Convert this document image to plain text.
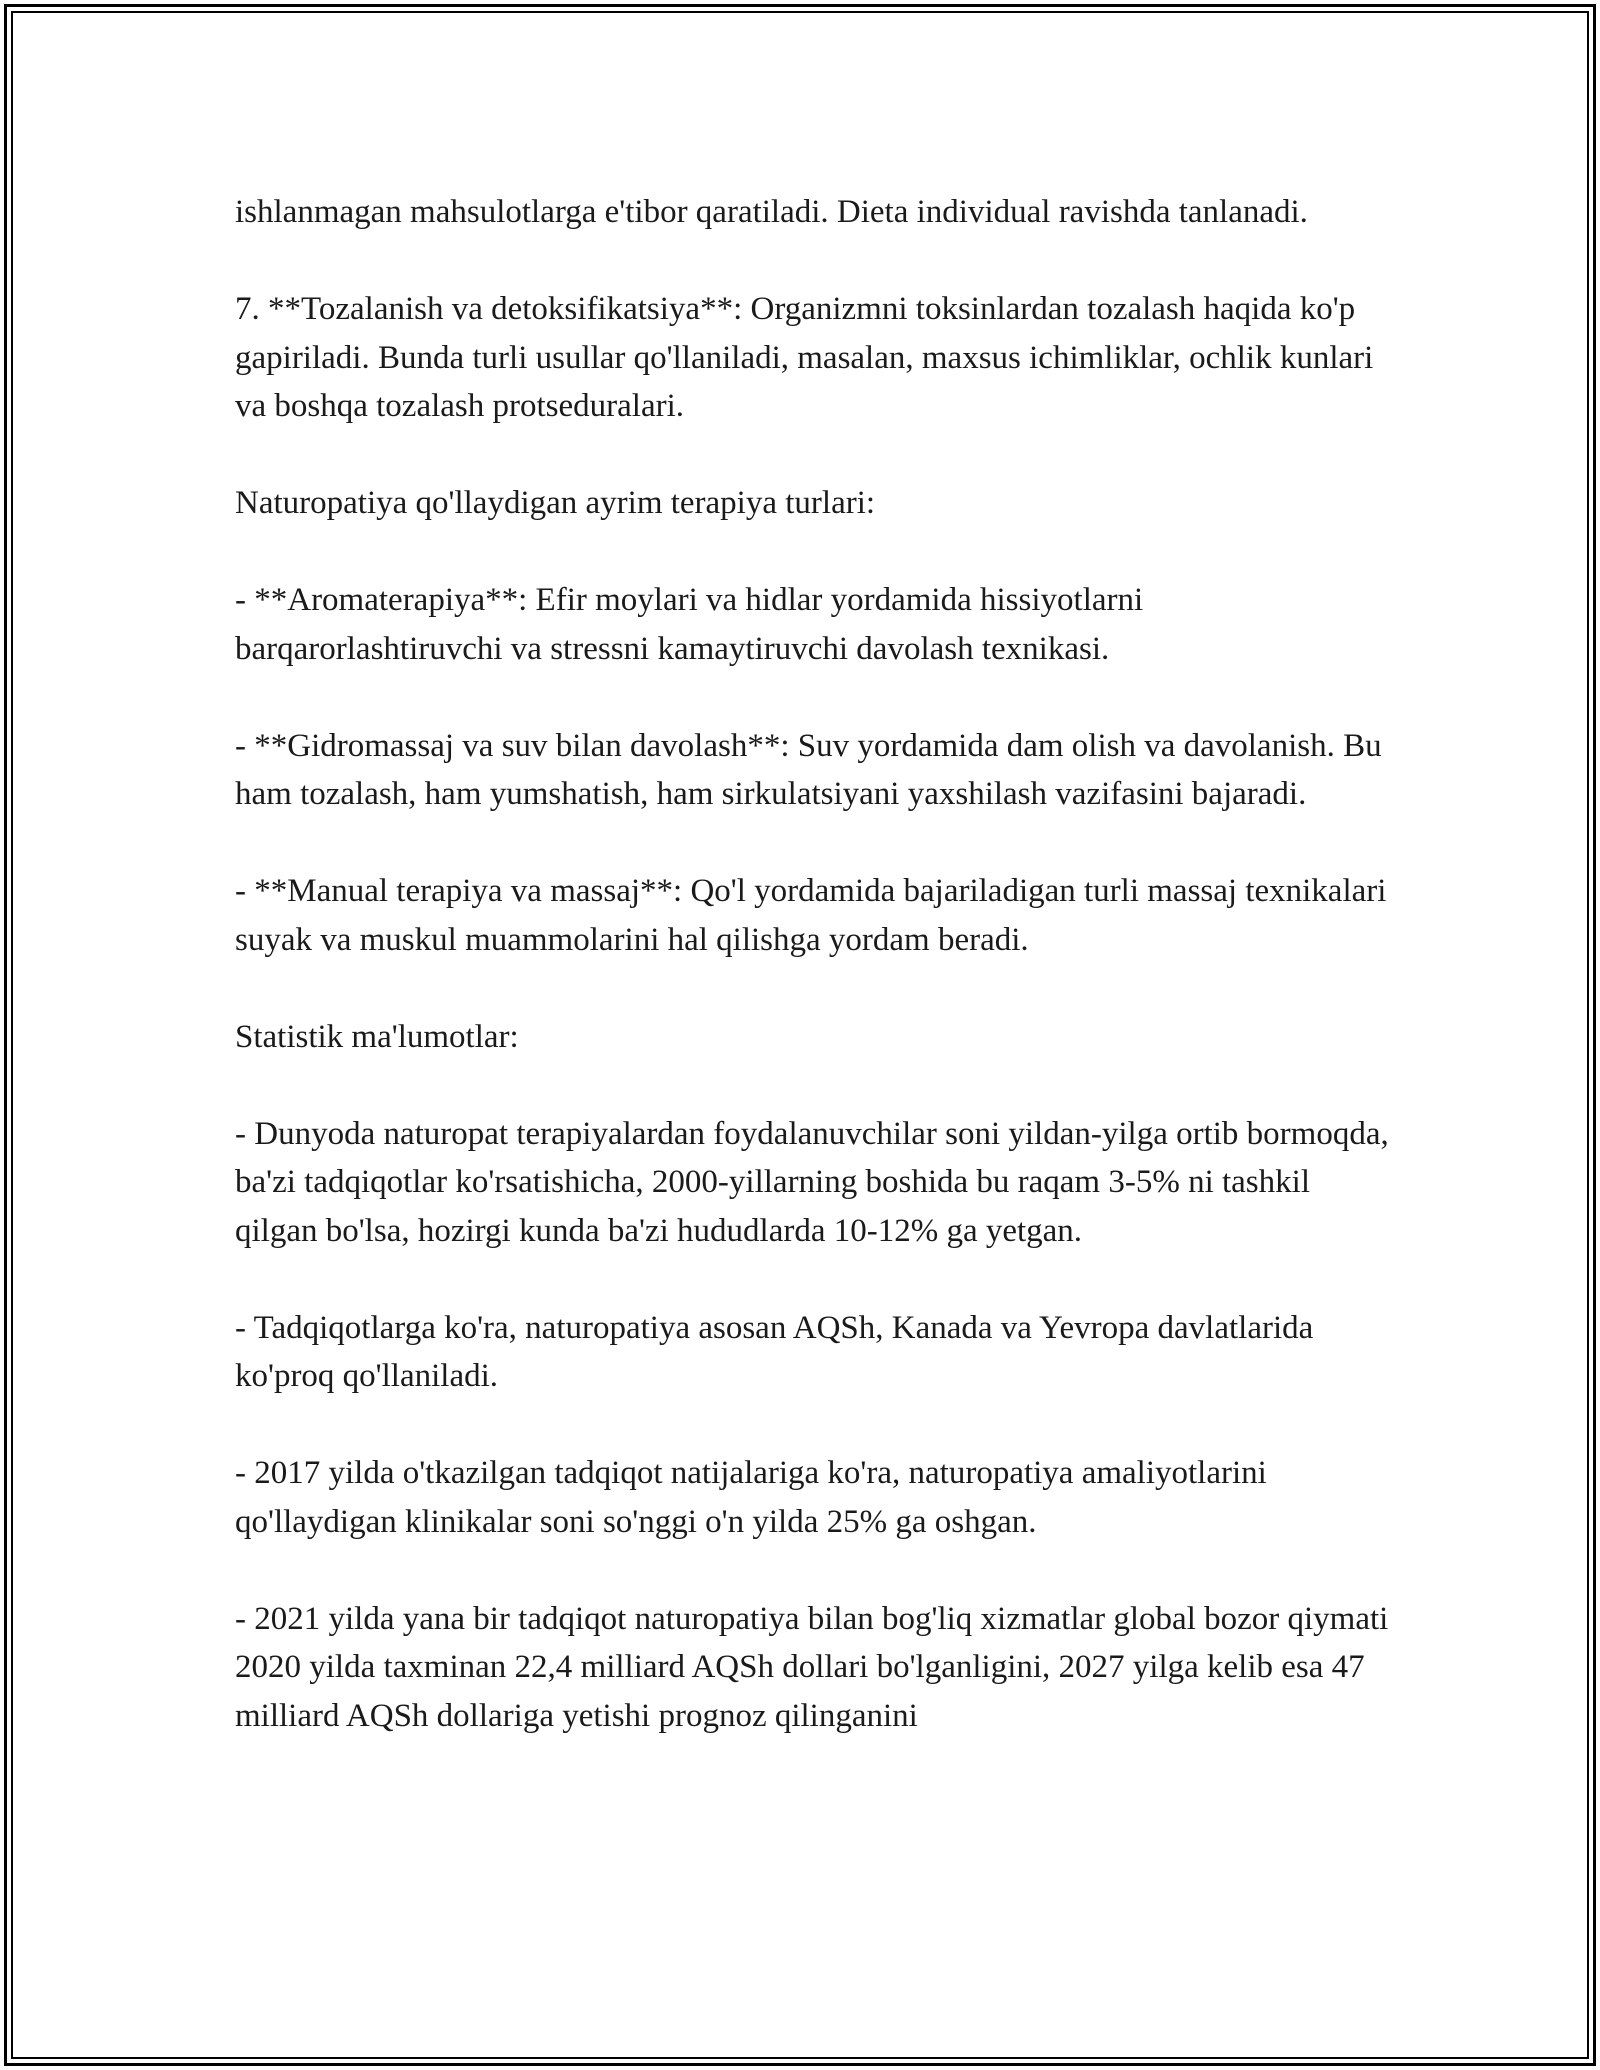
ishlanmagan mahsulotlarga e'tibor qaratiladi. Dieta individual ravishda tanlanadi.

7. **Tozalanish va detoksifikatsiya**: Organizmni toksinlardan tozalash haqida ko'p gapiriladi. Bunda turli usullar qo'llaniladi, masalan, maxsus ichimliklar, ochlik kunlari va boshqa tozalash protseduralari.

Naturopatiya qo'llaydigan ayrim terapiya turlari:

- **Aromaterapiya**: Efir moylari va hidlar yordamida hissiyotlarni barqarorlashtiruvchi va stressni kamaytiruvchi davolash texnikasi.

- **Gidromassaj va suv bilan davolash**: Suv yordamida dam olish va davolanish. Bu ham tozalash, ham yumshatish, ham sirkulatsiyani yaxshilash vazifasini bajaradi.

- **Manual terapiya va massaj**: Qo'l yordamida bajariladigan turli massaj texnikalari suyak va muskul muammolarini hal qilishga yordam beradi.

Statistik ma'lumotlar:

- Dunyoda naturopat terapiyalardan foydalanuvchilar soni yildan-yilga ortib bormoqda, ba'zi tadqiqotlar ko'rsatishicha, 2000-yillarning boshida bu raqam 3-5% ni tashkil qilgan bo'lsa, hozirgi kunda ba'zi hududlarda 10-12% ga yetgan.

- Tadqiqotlarga ko'ra, naturopatiya asosan AQSh, Kanada va Yevropa davlatlarida ko'proq qo'llaniladi.

- 2017 yilda o'tkazilgan tadqiqot natijalariga ko'ra, naturopatiya amaliyotlarini qo'llaydigan klinikalar soni so'nggi o'n yilda 25% ga oshgan.

- 2021 yilda yana bir tadqiqot naturopatiya bilan bog'liq xizmatlar global bozor qiymati 2020 yilda taxminan 22,4 milliard AQSh dollari bo'lganligini, 2027 yilga kelib esa 47 milliard AQSh dollariga yetishi prognoz qilinganini
